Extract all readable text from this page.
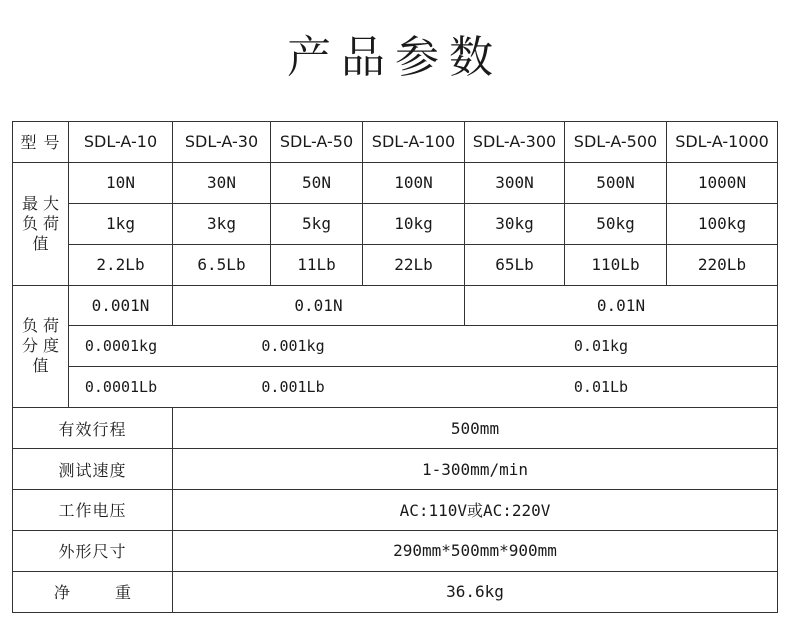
产品参数
型 号	SDL-A-10	SDL-A-30	SDL-A-50	SDL-A-100	SDL-A-300	SDL-A-500	SDL-A-1000

最 大
负 荷
值	10N	30N	50N	100N	300N	500N	1000N
	1kg	3kg	5kg	10kg	30kg	50kg	100kg
	2.2Lb	6.5Lb	11Lb	22Lb	65Lb	110Lb	220Lb

负 荷
分 度
值	0.001N	0.01N			0.01N		

	0.0001kg 0.001kg 0.01kg						

	0.0001Lb 0.001Lb 0.01Lb						

有效行程		500mm					
测试速度		1-300mm/min					
工作电压		AC:110V或AC:220V					
外形尺寸		290mm*500mm*900mm					
净 重		36.6kg					
